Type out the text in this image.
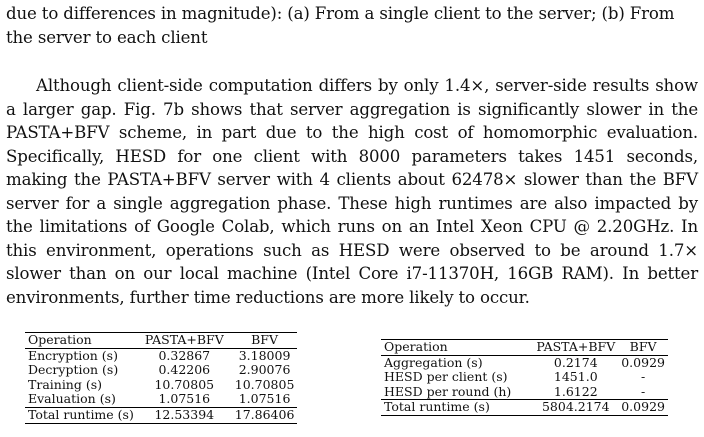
due to differences in magnitude): (a) From a single client to the server; (b) From the server to each client

Although client-side computation differs by only 1.4×, server-side results show a larger gap. Fig. 7b shows that server aggregation is significantly slower in the PASTA+BFV scheme, in part due to the high cost of homomorphic evaluation. Specifically, HESD for one client with 8000 parameters takes 1451 seconds, making the PASTA+BFV server with 4 clients about 62478× slower than the BFV server for a single aggregation phase. These high runtimes are also impacted by the limitations of Google Colab, which runs on an Intel Xeon CPU @ 2.20GHz. In this environment, operations such as HESD were observed to be around 1.7× slower than on our local machine (Intel Core i7-11370H, 16GB RAM). In better environments, further time reductions are more likely to occur.

Operation	PASTA+BFV	BFV
Encryption (s)	0.32867	3.18009
Decryption (s)	0.42206	2.90076
Training (s)	10.70805	10.70805
Evaluation (s)	1.07516	1.07516
Total runtime (s)	12.53394	17.86406
Operation	PASTA+BFV	BFV
Aggregation (s)	0.2174	0.0929
HESD per client (s)	1451.0	-
HESD per round (h)	1.6122	-
Total runtime (s)	5804.2174	0.0929
